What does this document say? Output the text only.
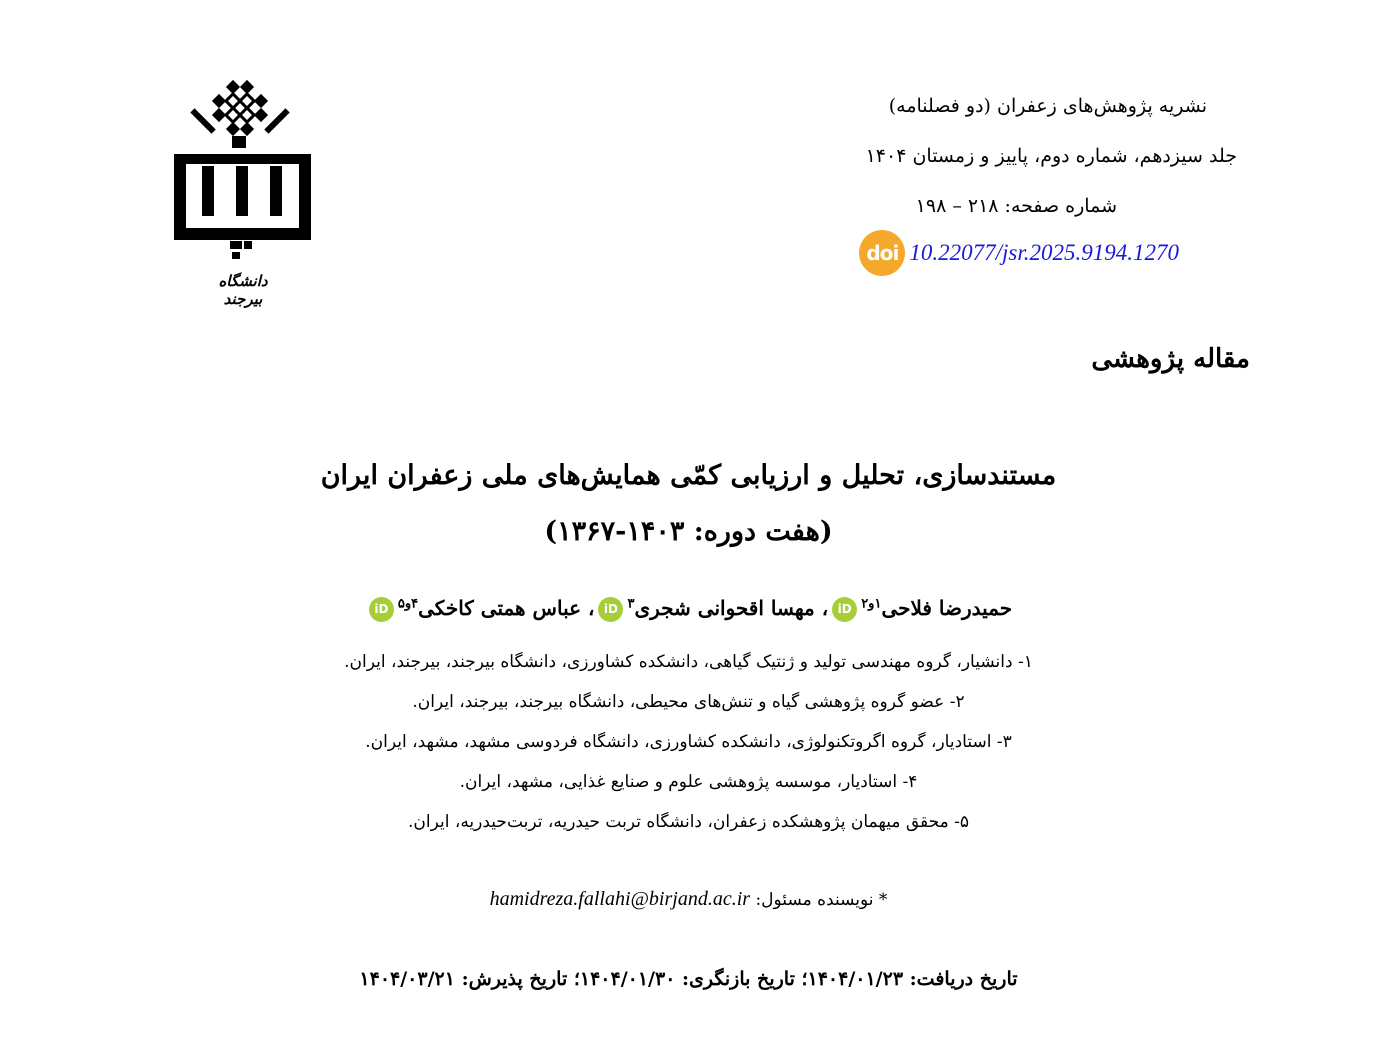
دانشگاه بیرجند
نشریه پژوهش‌های زعفران (دو فصلنامه)
جلد سیزدهم، شماره دوم، پاییز و زمستان ۱۴۰۴
شماره صفحه: ۲۱۸ – ۱۹۸
doi 10.22077/jsr.2025.9194.1270
مقاله پژوهشی
مستندسازی، تحلیل و ارزیابی کمّی همایش‌های ملی زعفران ایران
(هفت دوره: ۱۴۰۳-۱۳۶۷)
حمیدرضا فلاحی$^{۱و۲}$iD، مهسا اقحوانی شجری$^۳$iD، عباس همتی کاخکی$^{۴و۵}$iD
۱- دانشیار، گروه مهندسی تولید و ژنتیک گیاهی، دانشکده کشاورزی، دانشگاه بیرجند، بیرجند، ایران.
۲- عضو گروه پژوهشی گیاه و تنش‌های محیطی، دانشگاه بیرجند، بیرجند، ایران.
۳- استادیار، گروه اگروتکنولوژی، دانشکده کشاورزی، دانشگاه فردوسی مشهد، مشهد، ایران.
۴- استادیار، موسسه پژوهشی علوم و صنایع غذایی، مشهد، ایران.
۵- محقق میهمان پژوهشکده زعفران، دانشگاه تربت حیدریه، تربت‌حیدریه، ایران.
* نویسنده مسئول: hamidreza.fallahi@birjand.ac.ir
تاریخ دریافت: ۱۴۰۴/۰۱/۲۳؛ تاریخ بازنگری: ۱۴۰۴/۰۱/۳۰؛ تاریخ پذیرش: ۱۴۰۴/۰۳/۲۱
